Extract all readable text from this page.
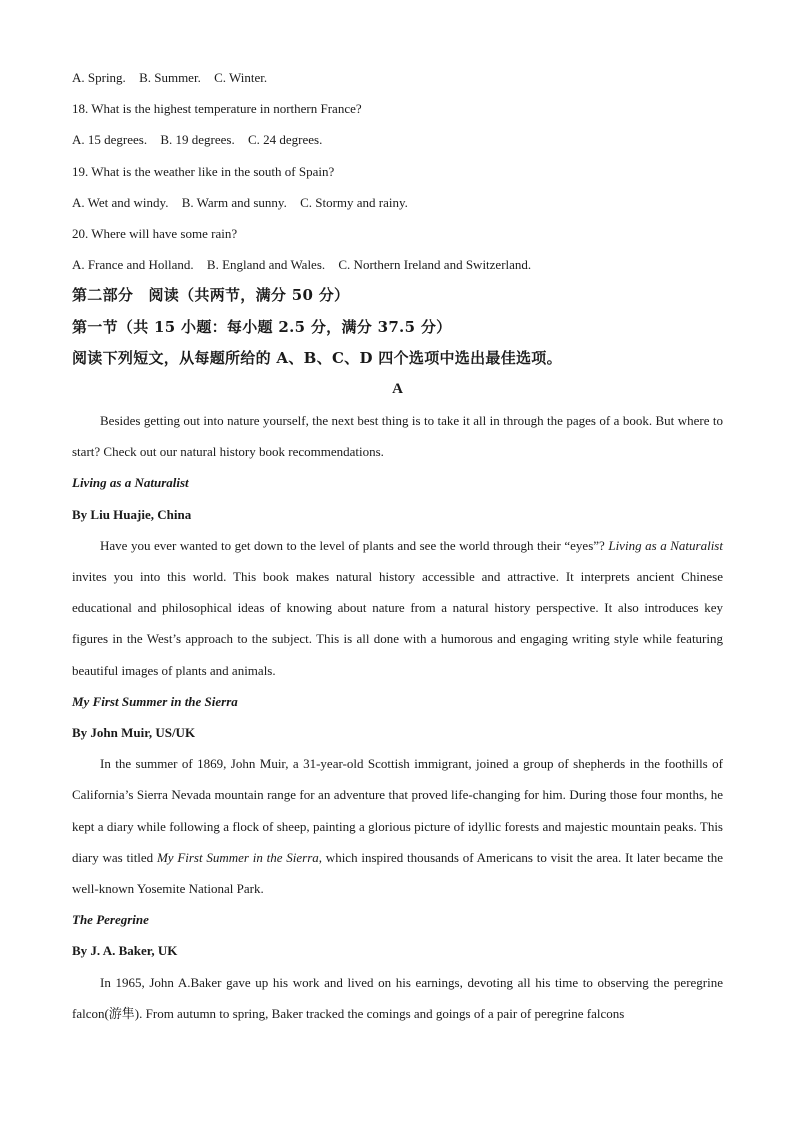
A. Spring. B. Summer. C. Winter.
18. What is the highest temperature in northern France?
A. 15 degrees. B. 19 degrees. C. 24 degrees.
19. What is the weather like in the south of Spain?
A. Wet and windy. B. Warm and sunny. C. Stormy and rainy.
20. Where will have some rain?
A. France and Holland. B. England and Wales. C. Northern Ireland and Switzerland.
第二部分　阅读（共两节，满分 50 分）
第一节（共 15 小题：每小题 2.5 分，满分 37.5 分）
阅读下列短文，从每题所给的 A、B、C、D 四个选项中选出最佳选项。
A

Besides getting out into nature yourself, the next best thing is to take it all in through the pages of a book. But where to start? Check out our natural history book recommendations.

Living as a Naturalist
By Liu Huajie, China

Have you ever wanted to get down to the level of plants and see the world through their “eyes”? Living as a Naturalist invites you into this world. This book makes natural history accessible and attractive. It interprets ancient Chinese educational and philosophical ideas of knowing about nature from a natural history perspective. It also introduces key figures in the West’s approach to the subject. This is all done with a humorous and engaging writing style while featuring beautiful images of plants and animals.

My First Summer in the Sierra
By John Muir, US/UK

In the summer of 1869, John Muir, a 31-year-old Scottish immigrant, joined a group of shepherds in the foothills of California’s Sierra Nevada mountain range for an adventure that proved life-changing for him. During those four months, he kept a diary while following a flock of sheep, painting a glorious picture of idyllic forests and majestic mountain peaks. This diary was titled My First Summer in the Sierra, which inspired thousands of Americans to visit the area. It later became the well-known Yosemite National Park.

The Peregrine
By J. A. Baker, UK

In 1965, John A.Baker gave up his work and lived on his earnings, devoting all his time to observing the peregrine falcon(游隼). From autumn to spring, Baker tracked the comings and goings of a pair of peregrine falcons
